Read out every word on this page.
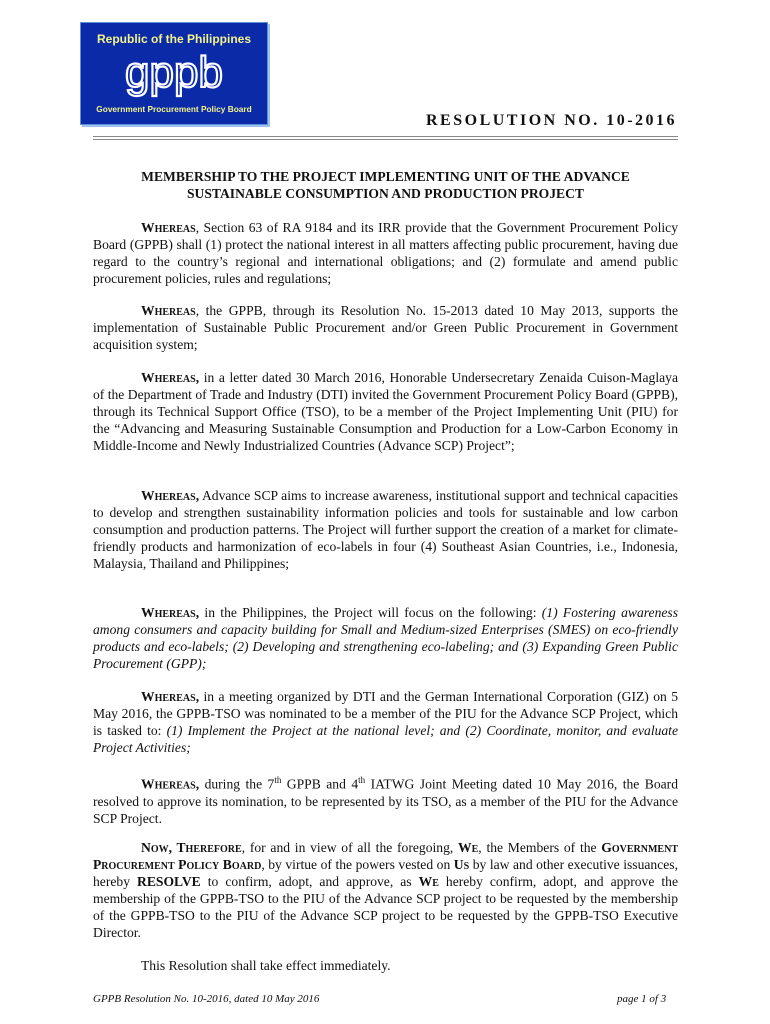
Republic of the Philippines
gppb
Government Procurement Policy Board
RESOLUTION NO. 10-2016
MEMBERSHIP TO THE PROJECT IMPLEMENTING UNIT OF THE ADVANCE
SUSTAINABLE CONSUMPTION AND PRODUCTION PROJECT

Whereas, Section 63 of RA 9184 and its IRR provide that the Government Procurement Policy Board (GPPB) shall (1) protect the national interest in all matters affecting public procurement, having due regard to the country’s regional and international obligations; and (2) formulate and amend public procurement policies, rules and regulations;

Whereas, the GPPB, through its Resolution No. 15-2013 dated 10 May 2013, supports the implementation of Sustainable Public Procurement and/or Green Public Procurement in Government acquisition system;

Whereas, in a letter dated 30 March 2016, Honorable Undersecretary Zenaida Cuison-Maglaya of the Department of Trade and Industry (DTI) invited the Government Procurement Policy Board (GPPB), through its Technical Support Office (TSO), to be a member of the Project Implementing Unit (PIU) for the “Advancing and Measuring Sustainable Consumption and Production for a Low-Carbon Economy in Middle-Income and Newly Industrialized Countries (Advance SCP) Project”;

Whereas, Advance SCP aims to increase awareness, institutional support and technical capacities to develop and strengthen sustainability information policies and tools for sustainable and low carbon consumption and production patterns. The Project will further support the creation of a market for climate-friendly products and harmonization of eco-labels in four (4) Southeast Asian Countries, i.e., Indonesia, Malaysia, Thailand and Philippines;

Whereas, in the Philippines, the Project will focus on the following: (1) Fostering awareness among consumers and capacity building for Small and Medium-sized Enterprises (SMES) on eco-friendly products and eco-labels; (2) Developing and strengthening eco-labeling; and (3) Expanding Green Public Procurement (GPP);

Whereas, in a meeting organized by DTI and the German International Corporation (GIZ) on 5 May 2016, the GPPB-TSO was nominated to be a member of the PIU for the Advance SCP Project, which is tasked to: (1) Implement the Project at the national level; and (2) Coordinate, monitor, and evaluate Project Activities;

Whereas, during the 7th GPPB and 4th IATWG Joint Meeting dated 10 May 2016, the Board resolved to approve its nomination, to be represented by its TSO, as a member of the PIU for the Advance SCP Project.

Now, Therefore, for and in view of all the foregoing, We, the Members of the Government Procurement Policy Board, by virtue of the powers vested on Us by law and other executive issuances, hereby RESOLVE to confirm, adopt, and approve, as We hereby confirm, adopt, and approve the membership of the GPPB-TSO to the PIU of the Advance SCP project to be requested by the membership of the GPPB-TSO to the PIU of the Advance SCP project to be requested by the GPPB-TSO Executive Director.

This Resolution shall take effect immediately.

GPPB Resolution No. 10-2016, dated 10 May 2016	page 1 of 3
